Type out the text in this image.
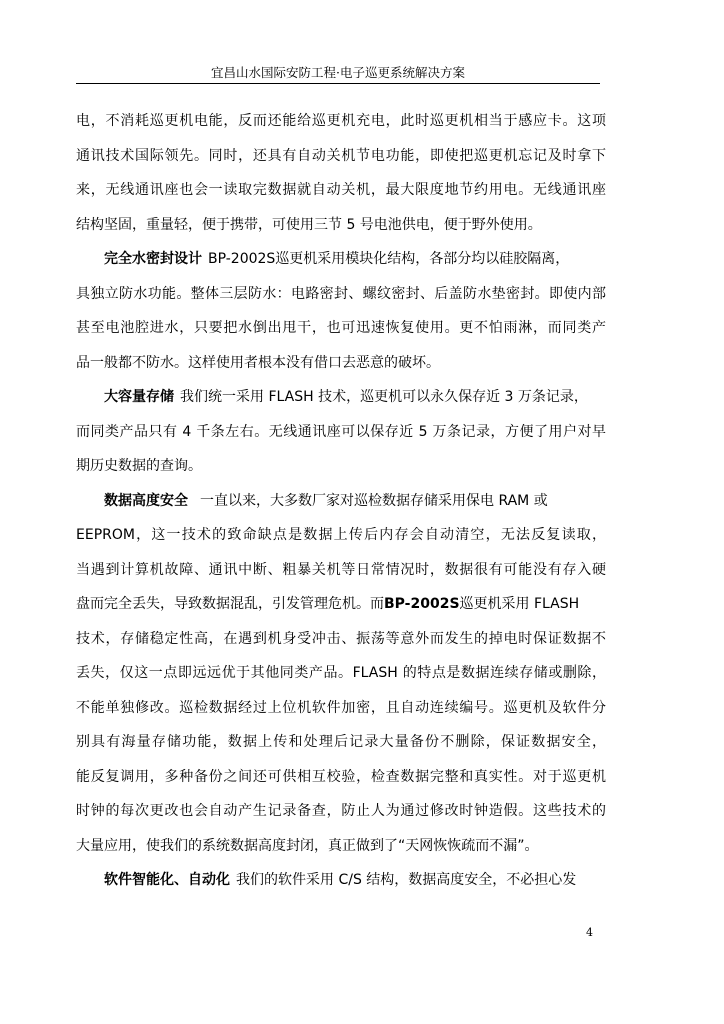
宜昌山水国际安防工程·电子巡更系统解决方案
电，不消耗巡更机电能，反而还能给巡更机充电，此时巡更机相当于感应卡。这项
通讯技术国际领先。同时，还具有自动关机节电功能，即使把巡更机忘记及时拿下
来，无线通讯座也会一读取完数据就自动关机，最大限度地节约用电。无线通讯座
结构坚固，重量轻，便于携带，可使用三节 5 号电池供电，便于野外使用。
完全水密封设计 BP-2002S巡更机采用模块化结构，各部分均以硅胶隔离，
具独立防水功能。整体三层防水：电路密封、螺纹密封、后盖防水垫密封。即使内部
甚至电池腔进水，只要把水倒出甩干，也可迅速恢复使用。更不怕雨淋，而同类产
品一般都不防水。这样使用者根本没有借口去恶意的破坏。
大容量存储 我们统一采用 FLASH 技术，巡更机可以永久保存近 3 万条记录，
而同类产品只有 4 千条左右。无线通讯座可以保存近 5 万条记录，方便了用户对早
期历史数据的查询。
数据高度安全 一直以来，大多数厂家对巡检数据存储采用保电 RAM 或
EEPROM，这一技术的致命缺点是数据上传后内存会自动清空，无法反复读取，
当遇到计算机故障、通讯中断、粗暴关机等日常情况时，数据很有可能没有存入硬
盘而完全丢失，导致数据混乱，引发管理危机。而BP-2002S巡更机采用 FLASH
技术，存储稳定性高，在遇到机身受冲击、振荡等意外而发生的掉电时保证数据不
丢失，仅这一点即远远优于其他同类产品。FLASH 的特点是数据连续存储或删除，
不能单独修改。巡检数据经过上位机软件加密，且自动连续编号。巡更机及软件分
别具有海量存储功能，数据上传和处理后记录大量备份不删除，保证数据安全，
能反复调用，多种备份之间还可供相互校验，检查数据完整和真实性。对于巡更机
时钟的每次更改也会自动产生记录备查，防止人为通过修改时钟造假。这些技术的
大量应用，使我们的系统数据高度封闭，真正做到了“天网恢恢疏而不漏”。
软件智能化、自动化 我们的软件采用 C/S 结构，数据高度安全，不必担心发
4
